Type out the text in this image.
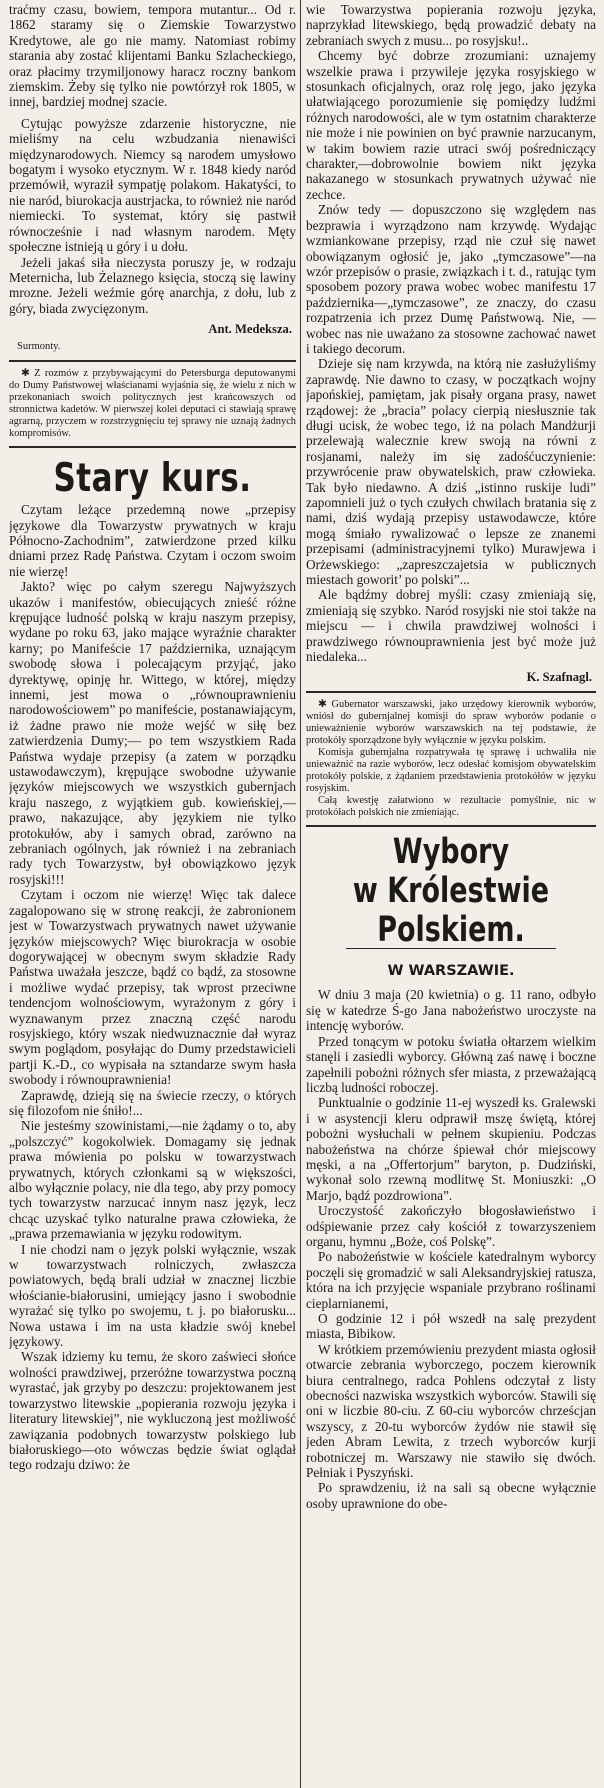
traćmy czasu, bowiem, tempora mutantur... Od r. 1862 staramy się o Ziemskie Towarzystwo Kredytowe, ale go nie mamy. Natomiast robimy starania aby zostać klijentami Banku Szlacheckiego, oraz płacimy trzymiljonowy haracz roczny bankom ziemskim. Żeby się tylko nie powtórzył rok 1805, w innej, bardziej modnej szacie.

Cytując powyższe zdarzenie historyczne, nie mieliśmy na celu wzbudzania nienawiści międzynarodowych. Niemcy są narodem umysłowo bogatym i wysoko etycznym. W r. 1848 kiedy naród przemówił, wyraził sympatję polakom. Hakatyści, to nie naród, biurokacja austrjacka, to również nie naród niemiecki. To systemat, który się pastwił równocześnie i nad własnym narodem. Męty społeczne istnieją u góry i u dołu.

Jeżeli jakaś siła nieczysta poruszy je, w rodzaju Meternicha, lub Żelaznego księcia, stoczą się lawiny mrozne. Jeżeli weźmie górę anarchja, z dołu, lub z góry, biada zwycięzonym.

Ant. Medeksza.
Surmonty.

✱ Z rozmów z przybywającymi do Petersburga deputowanymi do Dumy Państwowej właścianami wyjaśnia się, że wielu z nich w przekonaniach swoich politycznych jest krańcowszych od stronnictwa kadetów. W pierwszej kolei deputaci ci stawiają sprawę agrarną, przyczem w rozstrzygnięciu tej sprawy nie uznają żadnych kompromisów.

Stary kurs.

Czytam leżące przedemną nowe „przepisy językowe dla Towarzystw prywatnych w kraju Północno-Zachodnim”, zatwierdzone przed kilku dniami przez Radę Państwa. Czytam i oczom swoim nie wierzę!

Jakto? więc po całym szeregu Najwyższych ukazów i manifestów, obiecujących znieść różne krępujące ludność polską w kraju naszym przepisy, wydane po roku 63, jako mające wyraźnie charakter karny; po Manifeście 17 października, uznającym swobodę słowa i polecającym przyjąć, jako dyrektywę, opinję hr. Wittego, w której, między innemi, jest mowa o „równouprawnieniu narodowościowem” po manifeście, postanawiającym, iż żadne prawo nie może wejść w siłę bez zatwierdzenia Dumy;— po tem wszystkiem Rada Państwa wydaje przepisy (a zatem w porządku ustawodawczym), krępujące swobodne używanie języków miejscowych we wszystkich gubernjach kraju naszego, z wyjątkiem gub. kowieńskiej,—prawo, nakazujące, aby językiem nie tylko protokułów, aby i samych obrad, zarówno na zebraniach ogólnych, jak również i na zebraniach rady tych Towarzystw, był obowiązkowo język rosyjski!!!

Czytam i oczom nie wierzę! Więc tak dalece zagalopowano się w stronę reakcji, że zabronionem jest w Towarzystwach prywatnych nawet używanie języków miejscowych? Więc biurokracja w osobie dogorywającej w obecnym swym składzie Rady Państwa uważała jeszcze, bądź co bądź, za stosowne i możliwe wydać przepisy, tak wprost przeciwne tendencjom wolnościowym, wyrażonym z góry i wyznawanym przez znaczną część narodu rosyjskiego, który wszak niedwuznacznie dał wyraz swym poglądom, posyłając do Dumy przedstawicieli partji K.-D., co wypisała na sztandarze swym hasła swobody i równouprawnienia!

Zaprawdę, dzieją się na świecie rzeczy, o których się filozofom nie śniło!...

Nie jesteśmy szowinistami,—nie żądamy o to, aby „polszczyć” kogokolwiek. Domagamy się jednak prawa mówienia po polsku w towarzystwach prywatnych, których członkami są w większości, albo wyłącznie polacy, nie dla tego, aby przy pomocy tych towarzystw narzucać innym nasz język, lecz chcąc uzyskać tylko naturalne prawa człowieka, że „prawa przemawiania w języku rodowitym.

I nie chodzi nam o język polski wyłącznie, wszak w towarzystwach rolniczych, zwłaszcza powiatowych, będą brali udział w znacznej liczbie włościanie-białorusini, umiejący jasno i swobodnie wyrażać się tylko po swojemu, t. j. po białorusku... Nowa ustawa i im na usta kładzie swój knebel językowy.

Wszak idziemy ku temu, że skoro zaświeci słońce wolności prawdziwej, przeróżne towarzystwa poczną wyrastać, jak grzyby po deszczu: projektowanem jest towarzystwo litewskie „popierania rozwoju języka i literatury litewskiej”, nie wykluczoną jest możliwość zawiązania podobnych towarzystw polskiego lub białoruskiego—oto wówczas będzie świat oglądał tego rodzaju dziwo: że

wie Towarzystwa popierania rozwoju języka, naprzykład litewskiego, będą prowadzić debaty na zebraniach swych z musu... po rosyjsku!..

Chcemy być dobrze zrozumiani: uznajemy wszelkie prawa i przywileje języka rosyjskiego w stosunkach oficjalnych, oraz rolę jego, jako języka ułatwiającego porozumienie się pomiędzy ludźmi różnych narodowości, ale w tym ostatnim charakterze nie może i nie powinien on być prawnie narzucanym, w takim bowiem razie utraci swój pośredniczący charakter,—dobrowolnie bowiem nikt języka nakazanego w stosunkach prywatnych używać nie zechce.

Znów tedy — dopuszczono się względem nas bezprawia i wyrządzono nam krzywdę. Wydając wzmiankowane przepisy, rząd nie czuł się nawet obowiązanym ogłosić je, jako „tymczasowe”—na wzór przepisów o prasie, związkach i t. d., ratując tym sposobem pozory prawa wobec wobec manifestu 17 października—„tymczasowe”, ze znaczy, do czasu rozpatrzenia ich przez Dumę Państwową. Nie, —wobec nas nie uważano za stosowne zachować nawet i takiego decorum.

Dzieje się nam krzywda, na którą nie zasłużyliśmy zaprawdę. Nie dawno to czasy, w początkach wojny japońskiej, pamiętam, jak pisały organa prasy, nawet rządowej: że „bracia” polacy cierpią niesłusznie tak długi ucisk, że wobec tego, iż na polach Mandżurji przelewają walecznie krew swoją na równi z rosjanami, należy im się zadośćuczynienie: przywrócenie praw obywatelskich, praw człowieka. Tak było niedawno. A dziś „istinno ruskije ludi” zapomnieli już o tych czułych chwilach bratania się z nami, dziś wydają przepisy ustawodawcze, które mogą śmiało rywalizować o lepsze ze znanemi przepisami (administracyjnemi tylko) Murawjewa i Orżewskiego: „zapreszczajetsia w publicznych miestach goworit’ po polski”...

Ale bądźmy dobrej myśli: czasy zmieniają się, zmieniają się szybko. Naród rosyjski nie stoi także na miejscu — i chwila prawdziwej wolności i prawdziwego równouprawnienia jest być może już niedaleka...

K. Szafnagl.

✱ Gubernator warszawski, jako urzędowy kierownik wyborów, wniósł do gubernjalnej komisji do spraw wyborów podanie o unieważnienie wyborów warszawskich na tej podstawie, że protokóły sporządzone były wyłącznie w języku polskim.

Komisja gubernjalna rozpatrywała tę sprawę i uchwaliła nie unieważnić na razie wyborów, lecz odesłać komisjom obywatelskim protokóły polskie, z żądaniem przedstawienia protokółów w języku rosyjskim.

Całą kwestję załatwiono w rezultacie pomyślnie, nic w protokółach polskich nie zmieniając.

Wybory
w Królestwie Polskiem.
W WARSZAWIE.

W dniu 3 maja (20 kwietnia) o g. 11 rano, odbyło się w katedrze Ś-go Jana nabożeństwo uroczyste na intencję wyborów.

Przed tonącym w potoku światła ołtarzem wielkim stanęli i zasiedli wyborcy. Główną zaś nawę i boczne zapełnili pobożni różnych sfer miasta, z przeważającą liczbą ludności roboczej.

Punktualnie o godzinie 11-ej wyszedł ks. Gralewski i w asystencji kleru odprawił mszę świętą, której pobożni wysłuchali w pełnem skupieniu. Podczas nabożeństwa na chórze śpiewał chór miejscowy męski, a na „Offertorjum” baryton, p. Dudziński, wykonał solo rzewną modlitwę St. Moniuszki: „O Marjo, bądź pozdrowiona”.

Uroczystość zakończyło błogosławieństwo i odśpiewanie przez cały kościół z towarzyszeniem organu, hymnu „Boże, coś Polskę”.

Po nabożeństwie w kościele katedralnym wyborcy poczęli się gromadzić w sali Aleksandryjskiej ratusza, która na ich przyjęcie wspaniale przybrano roślinami cieplarnianemi,

O godzinie 12 i pół wszedł na salę prezydent miasta, Bibikow.

W krótkiem przemówieniu prezydent miasta ogłosił otwarcie zebrania wyborczego, poczem kierownik biura centralnego, radca Pohlens odczytał z listy obecności nazwiska wszystkich wyborców. Stawili się oni w liczbie 80-ciu. Z 60-ciu wyborców chrześcjan wszyscy, z 20-tu wyborców żydów nie stawił się jeden Abram Lewita, z trzech wyborców kurji robotniczej m. Warszawy nie stawiło się dwóch. Pełniak i Pyszyński.

Po sprawdzeniu, iż na sali są obecne wyłącznie osoby uprawnione do obe-
